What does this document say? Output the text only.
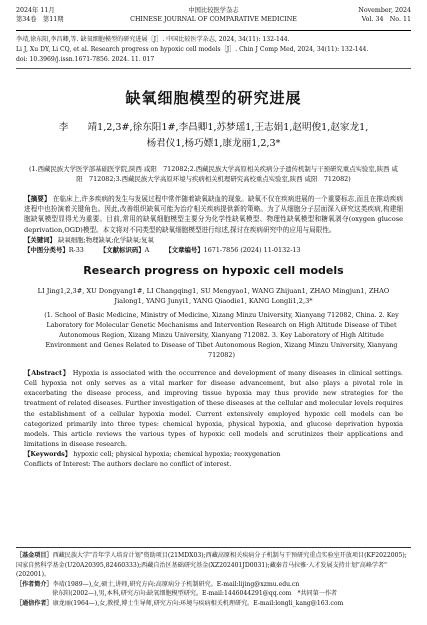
2024年 11月
第34卷　第11期
中国比较医学杂志
CHINESE JOURNAL OF COMPARATIVE MEDICINE
November, 2024
Vol. 34　No. 11
李靖,徐东阳,李昌卿,等. 缺氧细胞模型的研究进展［J］. 中国比较医学杂志, 2024, 34(11): 132-144.
Li J, Xu DY, Li CQ, et al. Research progress on hypoxic cell models［J］. Chin J Comp Med, 2024, 34(11): 132-144.
doi: 10.3969/j.issn.1671-7856. 2024. 11. 017
缺氧细胞模型的研究进展
李　　靖1,2,3#,徐东阳1#,李昌卿1,苏梦瑶1,王志娟1,赵明俊1,赵家龙1,
杨君仪1,杨巧嫖1,康龙丽1,2,3*
(1.西藏民族大学医学部基础医学院,陕西 咸阳　712082;2.西藏民族大学高原相关疾病分子遗传机制与干预研究重点实验室,陕西 咸阳　712082;3.西藏民族大学高原环境与疾病相关机理研究高校重点实验室,陕西 咸阳　712082)
【摘要】 在临床上,许多疾病的发生与发展过程中常伴随着缺氧缺血的现象。缺氧不仅在疾病进展的一个重要标志,而且在推动疾病进程中也扮演着关键角色。因此,改善组织缺氧可能为治疗相关疾病提供新的策略。为了从细胞分子层面深入研究这类疾病,构建细胞缺氧模型显得尤为重要。目前,常用的缺氧细胞模型主要分为化学性缺氧模型、物理性缺氧模型和糖氧剥夺(oxygen glucose deprivation,OGD)模型。本文将对不同类型的缺氧细胞模型进行综述,探讨在疾病研究中的应用与局限性。
【关键词】 缺氧细胞;物理缺氧;化学缺氧;复氧
【中图分类号】R-33	【文献标识码】A	【文章编号】1671-7856 (2024) 11-0132-13
Research progress on hypoxic cell models
LI Jing1,2,3#, XU Dongyang1#, LI Changqing1, SU Mengyao1, WANG Zhijuan1, ZHAO Mingjun1, ZHAO Jialong1, YANG Junyi1, YANG Qiaodie1, KANG Longli1,2,3*
(1. School of Basic Medicine, Ministry of Medicine, Xizang Minzu University, Xianyang 712082, China. 2. Key Laboratory for Molecular Genetic Mechanisms and Intervention Research on High Altitude Disease of Tibet Autonomous Region, Xizang Minzu University, Xianyang 712082. 3. Key Laboratory of High Altitude Environment and Genes Related to Disease of Tibet Autonomous Region, Xizang Minzu University, Xianyang 712082)
【Abstract】 Hypoxia is associated with the occurrence and development of many diseases in clinical settings. Cell hypoxia not only serves as a vital marker for disease advancement, but also plays a pivotal role in exacerbating the disease process, and improving tissue hypoxia may thus provide new strategies for the treatment of related diseases. Further investigation of these diseases at the cellular and molecular levels requires the establishment of a cellular hypoxia model. Current extensively employed hypoxic cell models can be categorized primarily into three types: chemical hypoxia, physical hypoxia, and glucose deprivation hypoxia models. This article reviews the various types of hypoxic cell models and scrutinizes their applications and limitations in disease research.
【Keywords】 hypoxic cell; physical hypoxia; chemical hypoxia; reoxygenation
Conflicts of Interest: The authors declare no conflict of interest.
［基金项目］西藏民族大学"青年学人培育计划"资助项目(21MDX03);西藏高原相关疾病分子机制与干预研究重点实验室开放项目(KF2022005);国家自然科学基金(U20A20395,82460333);西藏自治区基础研究基金(XZ202401JD0031);藏秦青马拉雅·人才发展支持计划"高峰学者"(202001)。
［作者简介］李靖(1989—),女,硕士,讲师,研究方向:高原病分子机制研究。E-mail:lijing@xzmu.edu.cn
徐东阳(2002—),男,本科,研究方向:缺氧细胞模型研究。E-mail:1446044291@qq.com　*共同第一作者
［通信作者］康龙丽(1964—),女,教授,博士生导师,研究方向:环境与疾病相关机理研究。E-mail:longli_kang@163.com
